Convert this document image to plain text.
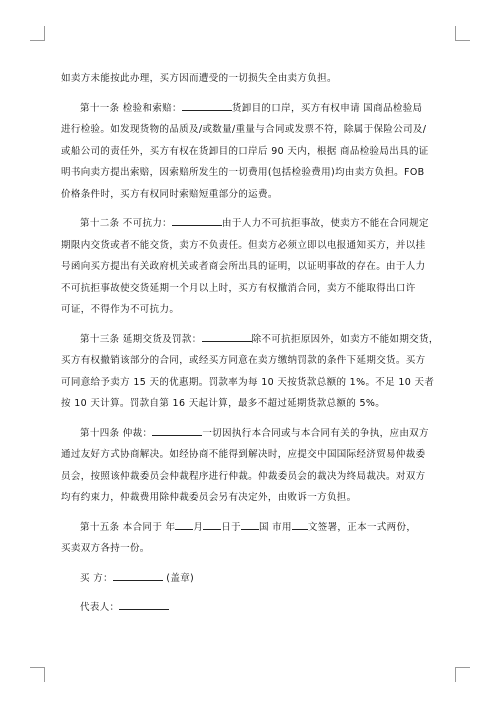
如卖方未能按此办理，买方因而遭受的一切损失全由卖方负担。
第十一条 检验和索赔：	货卸目的口岸，买方有权申请 国商品检验局
进行检验。如发现货物的品质及/或数量/重量与合同或发票不符，除属于保险公司及/
或船公司的责任外，买方有权在货卸目的口岸后 90 天内，根据 商品检验局出具的证
明书向卖方提出索赔，因索赔所发生的一切费用(包括检验费用)均由卖方负担。FOB
价格条件时，买方有权同时索赔短重部分的运费。
第十二条 不可抗力：	由于人力不可抗拒事故，使卖方不能在合同规定
期限内交货或者不能交货，卖方不负责任。但卖方必须立即以电报通知买方，并以挂
号函向买方提出有关政府机关或者商会所出具的证明，以证明事故的存在。由于人力
不可抗拒事故使交货延期一个月以上时，买方有权撤消合同，卖方不能取得出口许
可证，不得作为不可抗力。
第十三条 延期交货及罚款：	除不可抗拒原因外，如卖方不能如期交货，
买方有权撤销该部分的合同，或经买方同意在卖方缴纳罚款的条件下延期交货。买方
可同意给予卖方 15 天的优惠期。罚款率为每 10 天按货款总额的 1%。不足 10 天者
按 10 天计算。罚款自第 16 天起计算，最多不超过延期货款总额的 5%。
第十四条 仲裁：	一切因执行本合同或与本合同有关的争执，应由双方
通过友好方式协商解决。如经协商不能得到解决时，应提交中国国际经济贸易仲裁委
员会，按照该仲裁委员会仲裁程序进行仲裁。仲裁委员会的裁决为终局裁决。对双方
均有约束力，仲裁费用除仲裁委员会另有决定外，由败诉一方负担。
第十五条 本合同于 年 月 日于 国 市用 文签署，正本一式两份，
买卖双方各持一份。
买 方：	(盖章)
代表人：
